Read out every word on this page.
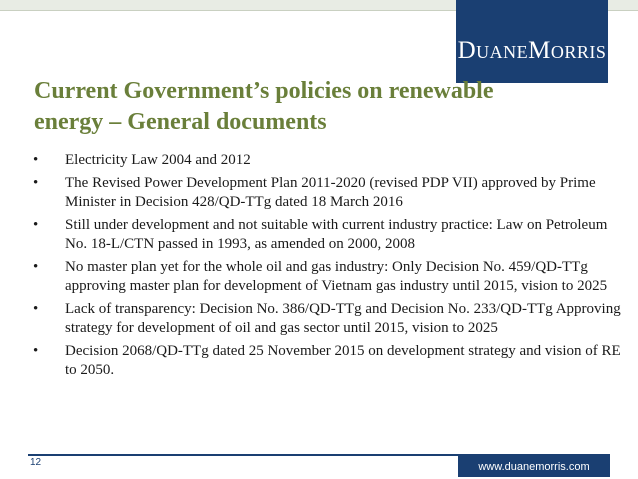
DuaneMorris
Current Government’s policies on renewable
energy – General documents
•	Electricity Law 2004 and 2012
•	The Revised Power Development Plan 2011-2020 (revised PDP VII) approved by Prime Minister in Decision 428/QD-TTg dated 18 March 2016
•	Still under development and not suitable with current industry practice: Law on Petroleum No. 18-L/CTN passed in 1993, as amended on 2000, 2008
•	No master plan yet for the whole oil and gas industry: Only Decision No. 459/QD-TTg approving master plan for development of Vietnam gas industry until 2015, vision to 2025
•	Lack of transparency: Decision No. 386/QD-TTg and Decision No. 233/QD-TTg Approving strategy for development of oil and gas sector until 2015, vision to 2025
•	Decision 2068/QD-TTg dated 25 November 2015 on development strategy and vision of RE to 2050.
12	www.duanemorris.com
